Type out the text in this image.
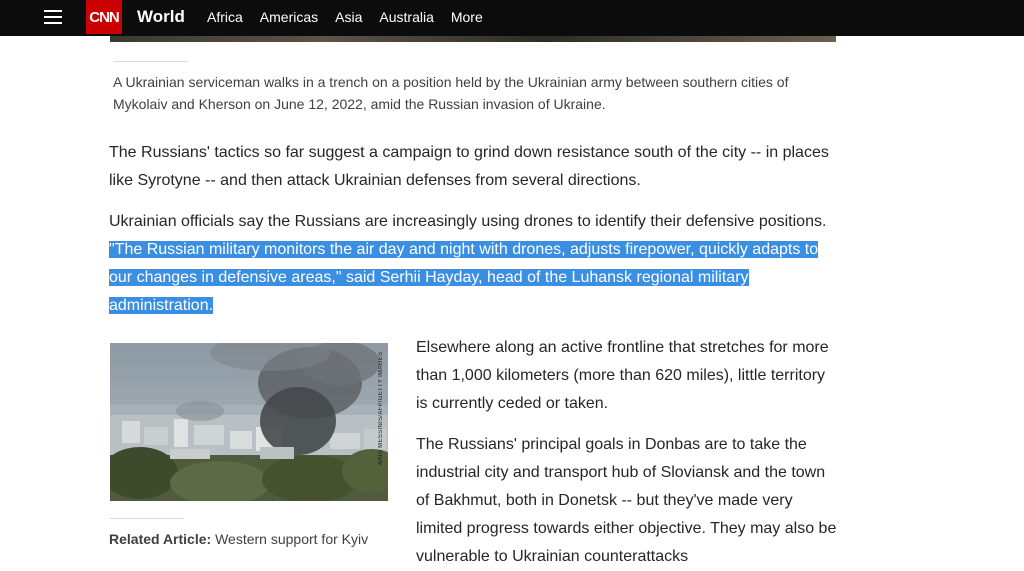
CNN World Africa Americas Asia Australia More
A Ukrainian serviceman walks in a trench on a position held by the Ukrainian army between southern cities of Mykolaiv and Kherson on June 12, 2022, amid the Russian invasion of Ukraine.

The Russians' tactics so far suggest a campaign to grind down resistance south of the city -- in places like Syrotyne -- and then attack Ukrainian defenses from several directions.

Ukrainian officials say the Russians are increasingly using drones to identify their defensive positions. "The Russian military monitors the air day and night with drones, adjusts firepower, quickly adapts to our changes in defensive areas," said Serhii Hayday, head of the Luhansk regional military administration.

ARIS MESSINIS/AFP/GETTY IMAGES
Related Article: Western support for Kyiv

Elsewhere along an active frontline that stretches for more than 1,000 kilometers (more than 620 miles), little territory is currently ceded or taken.

The Russians' principal goals in Donbas are to take the industrial city and transport hub of Sloviansk and the town of Bakhmut, both in Donetsk -- but they've made very limited progress towards either objective. They may also be vulnerable to Ukrainian counterattacks
